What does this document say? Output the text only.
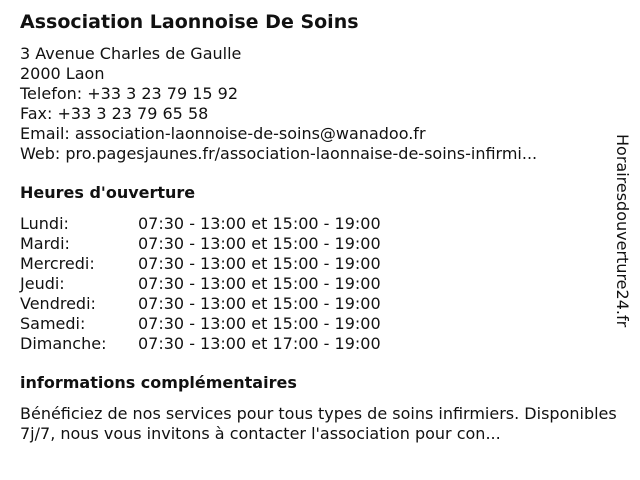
Association Laonnoise De Soins
3 Avenue Charles de Gaulle
2000 Laon
Telefon: +33 3 23 79 15 92
Fax: +33 3 23 79 65 58
Email: association-laonnoise-de-soins@wanadoo.fr
Web: pro.pagesjaunes.fr/association-laonnaise-de-soins-infirmi...
Heures d'ouverture
Lundi:	07:30 - 13:00 et 15:00 - 19:00
Mardi:	07:30 - 13:00 et 15:00 - 19:00
Mercredi:	07:30 - 13:00 et 15:00 - 19:00
Jeudi:	07:30 - 13:00 et 15:00 - 19:00
Vendredi:	07:30 - 13:00 et 15:00 - 19:00
Samedi:	07:30 - 13:00 et 15:00 - 19:00
Dimanche:	07:30 - 13:00 et 17:00 - 19:00
informations complémentaires
Bénéficiez de nos services pour tous types de soins infirmiers. Disponibles 7j/7, nous vous invitons à contacter l'association pour con...
Horairesdouverture24.fr
